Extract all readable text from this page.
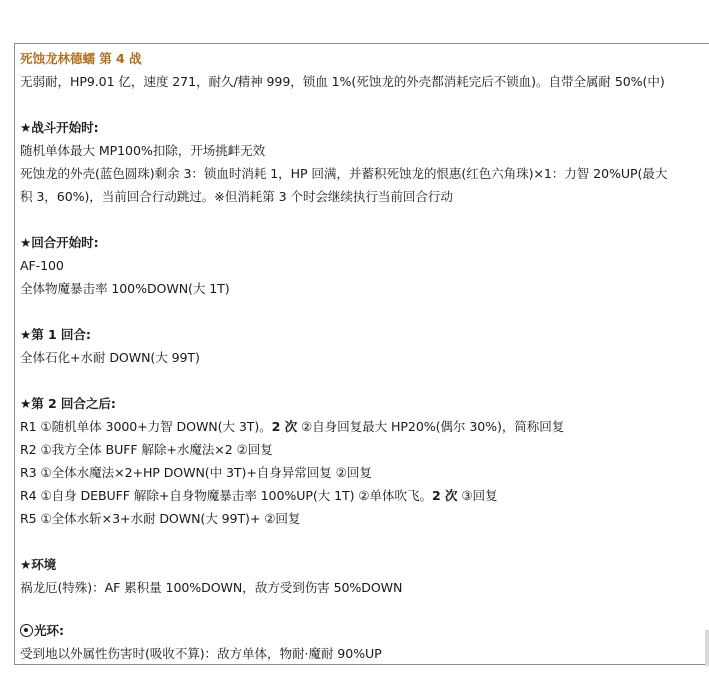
死蚀龙林德蠕 第 4 战
无弱耐，HP9.01 亿，速度 271，耐久/精神 999，锁血 1%(死蚀龙的外壳都消耗完后不锁血)。自带全属耐 50%(中)
★战斗开始时:
随机单体最大 MP100%扣除，开场挑衅无效
死蚀龙的外壳(蓝色圆珠)剩余 3：锁血时消耗 1，HP 回满，并蓄积死蚀龙的恨惠(红色六角珠)×1：力智 20%UP(最大
积 3，60%)，当前回合行动跳过。※但消耗第 3 个时会继续执行当前回合行动
★回合开始时:
AF-100
全体物魔暴击率 100%DOWN(大 1T)
★第 1 回合:
全体石化+水耐 DOWN(大 99T)
★第 2 回合之后:
R1 ①随机单体 3000+力智 DOWN(大 3T)。2 次 ②自身回复最大 HP20%(偶尔 30%)，简称回复
R2 ①我方全体 BUFF 解除+水魔法×2 ②回复
R3 ①全体水魔法×2+HP DOWN(中 3T)+自身异常回复 ②回复
R4 ①自身 DEBUFF 解除+自身物魔暴击率 100%UP(大 1T) ②单体吹飞。2 次 ③回复
R5 ①全体水斩×3+水耐 DOWN(大 99T)+ ②回复
★环境
祸龙厄(特殊)：AF 累积量 100%DOWN，敌方受到伤害 50%DOWN
光环:
受到地以外属性伤害时(吸收不算)：敌方单体，物耐·魔耐 90%UP
